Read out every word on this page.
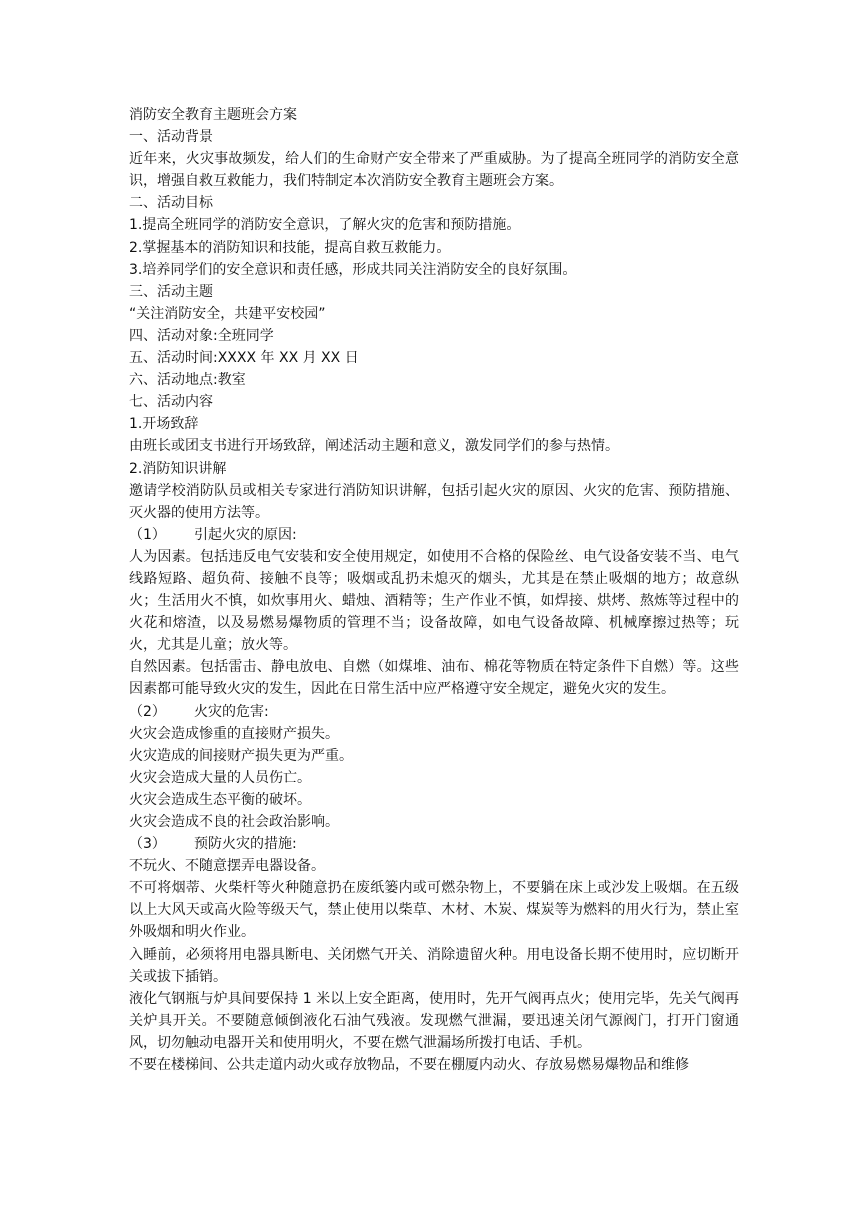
消防安全教育主题班会方案
一、活动背景
近年来，火灾事故频发，给人们的生命财产安全带来了严重威胁。为了提高全班同学的消防安全意识，增强自救互救能力，我们特制定本次消防安全教育主题班会方案。
二、活动目标
1.提高全班同学的消防安全意识，了解火灾的危害和预防措施。
2.掌握基本的消防知识和技能，提高自救互救能力。
3.培养同学们的安全意识和责任感，形成共同关注消防安全的良好氛围。
三、活动主题
“关注消防安全，共建平安校园”
四、活动对象:全班同学
五、活动时间:XXXX 年 XX 月 XX 日
六、活动地点:教室
七、活动内容
1.开场致辞
由班长或团支书进行开场致辞，阐述活动主题和意义，激发同学们的参与热情。
2.消防知识讲解
邀请学校消防队员或相关专家进行消防知识讲解，包括引起火灾的原因、火灾的危害、预防措施、灭火器的使用方法等。
（1）	引起火灾的原因:
人为因素。包括违反电气安装和安全使用规定，如使用不合格的保险丝、电气设备安装不当、电气线路短路、超负荷、接触不良等；吸烟或乱扔未熄灭的烟头，尤其是在禁止吸烟的地方；故意纵火；生活用火不慎，如炊事用火、蜡烛、酒精等；生产作业不慎，如焊接、烘烤、熬炼等过程中的火花和熔渣，以及易燃易爆物质的管理不当；设备故障，如电气设备故障、机械摩擦过热等；玩火，尤其是儿童；放火等。
自然因素。包括雷击、静电放电、自燃（如煤堆、油布、棉花等物质在特定条件下自燃）等。这些因素都可能导致火灾的发生，因此在日常生活中应严格遵守安全规定，避免火灾的发生。
（2）	火灾的危害:
火灾会造成惨重的直接财产损失。
火灾造成的间接财产损失更为严重。
火灾会造成大量的人员伤亡。
火灾会造成生态平衡的破坏。
火灾会造成不良的社会政治影响。
（3）	预防火灾的措施:
不玩火、不随意摆弄电器设备。
不可将烟蒂、火柴杆等火种随意扔在废纸篓内或可燃杂物上，不要躺在床上或沙发上吸烟。在五级以上大风天或高火险等级天气，禁止使用以柴草、木材、木炭、煤炭等为燃料的用火行为，禁止室外吸烟和明火作业。
入睡前，必须将用电器具断电、关闭燃气开关、消除遗留火种。用电设备长期不使用时，应切断开关或拔下插销。
液化气钢瓶与炉具间要保持 1 米以上安全距离，使用时，先开气阀再点火；使用完毕，先关气阀再关炉具开关。不要随意倾倒液化石油气残液。发现燃气泄漏，要迅速关闭气源阀门，打开门窗通风，切勿触动电器开关和使用明火，不要在燃气泄漏场所拨打电话、手机。
不要在楼梯间、公共走道内动火或存放物品，不要在棚厦内动火、存放易燃易爆物品和维修
